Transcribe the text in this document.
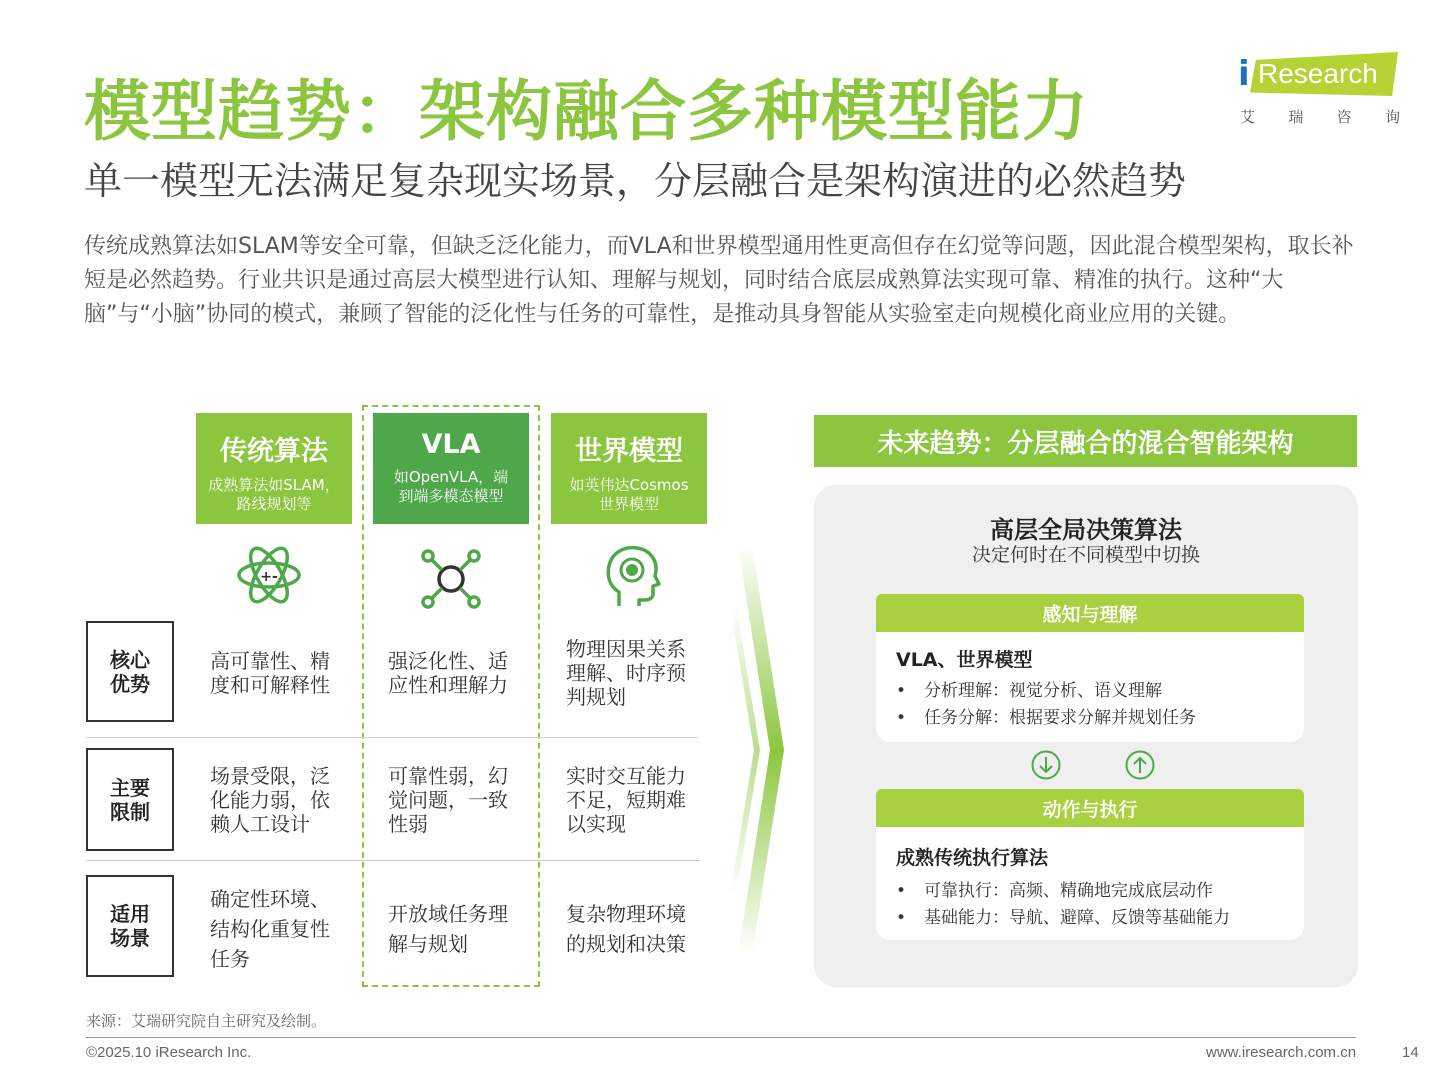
模型趋势：架构融合多种模型能力
单一模型无法满足复杂现实场景，分层融合是架构演进的必然趋势
传统成熟算法如SLAM等安全可靠，但缺乏泛化能力，而VLA和世界模型通用性更高但存在幻觉等问题，因此混合模型架构，取长补短是必然趋势。行业共识是通过高层大模型进行认知、理解与规划，同时结合底层成熟算法实现可靠、精准的执行。这种“大脑”与“小脑”协同的模式，兼顾了智能的泛化性与任务的可靠性，是推动具身智能从实验室走向规模化商业应用的关键。
i Research
艾 瑞 咨 询
传统算法
成熟算法如SLAM，
路线规划等
VLA
如OpenVLA，端
到端多模态模型
世界模型
如英伟达Cosmos
世界模型
+-
核心
优势
主要
限制
适用
场景
高可靠性、精
度和可解释性
强泛化性、适
应性和理解力
物理因果关系
理解、时序预
判规划
场景受限，泛
化能力弱，依
赖人工设计
可靠性弱，幻
觉问题，一致
性弱
实时交互能力
不足，短期难
以实现
确定性环境、
结构化重复性
任务
开放域任务理
解与规划
复杂物理环境
的规划和决策
未来趋势：分层融合的混合智能架构
高层全局决策算法
决定何时在不同模型中切换
感知与理解
VLA、世界模型
• 分析理解：视觉分析、语义理解
• 任务分解：根据要求分解并规划任务
动作与执行
成熟传统执行算法
• 可靠执行：高频、精确地完成底层动作
• 基础能力：导航、避障、反馈等基础能力
来源：艾瑞研究院自主研究及绘制。
©2025.10 iResearch Inc.	www.iresearch.com.cn	14
